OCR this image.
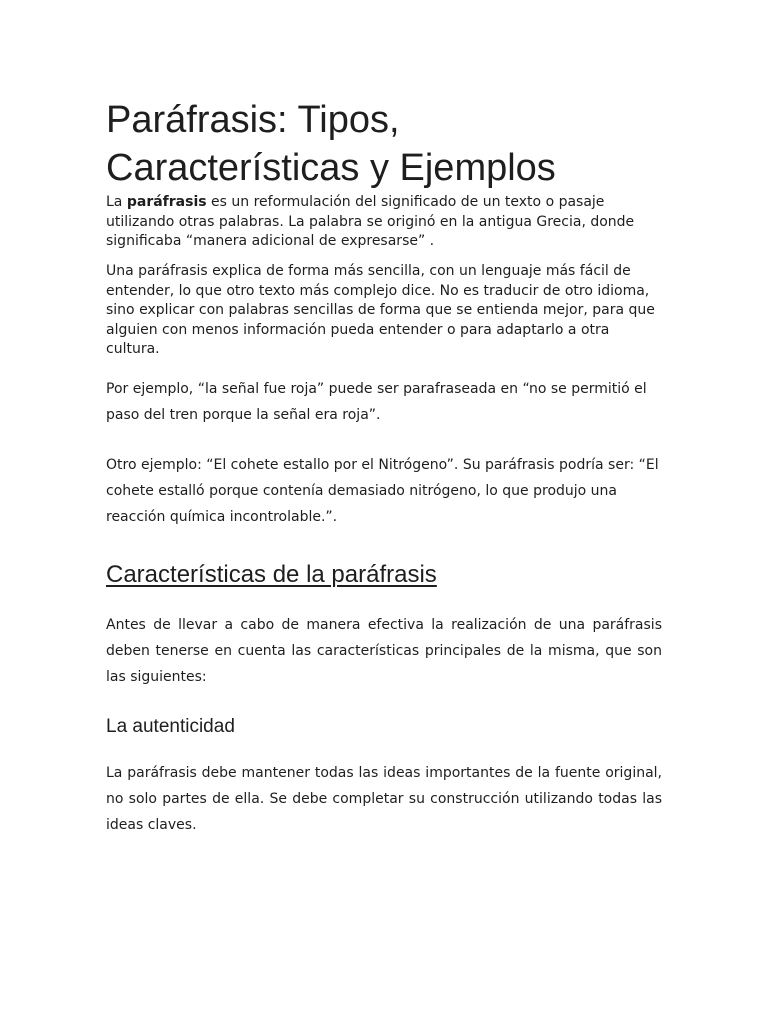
Paráfrasis: Tipos,
Características y Ejemplos

La paráfrasis es un reformulación del significado de un texto o pasaje utilizando otras palabras. La palabra se originó en la antigua Grecia, donde significaba “manera adicional de expresarse” .

Una paráfrasis explica de forma más sencilla, con un lenguaje más fácil de entender, lo que otro texto más complejo dice. No es traducir de otro idioma, sino explicar con palabras sencillas de forma que se entienda mejor, para que alguien con menos información pueda entender o para adaptarlo a otra cultura.

Por ejemplo, “la señal fue roja” puede ser parafraseada en “no se permitió el paso del tren porque la señal era roja”.

Otro ejemplo: “El cohete estallo por el Nitrógeno”. Su paráfrasis podría ser: “El cohete estalló porque contenía demasiado nitrógeno, lo que produjo una reacción química incontrolable.”.

Características de la paráfrasis

Antes de llevar a cabo de manera efectiva la realización de una paráfrasis deben tenerse en cuenta las características principales de la misma, que son las siguientes:

La autenticidad

La paráfrasis debe mantener todas las ideas importantes de la fuente original, no solo partes de ella. Se debe completar su construcción utilizando todas las ideas claves.
